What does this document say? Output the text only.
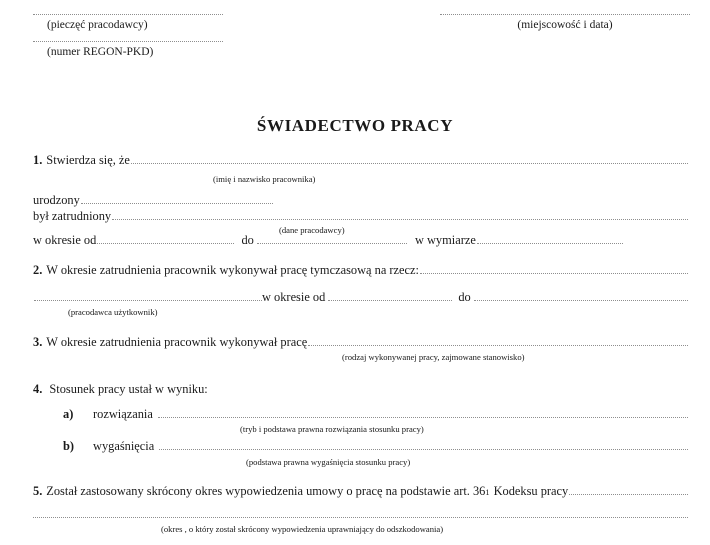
(pieczęć pracodawcy)
(numer REGON-PKD)
(miejscowość i data)
ŚWIADECTWO PRACY
1. Stwierdza się, że
(imię i nazwisko pracownika)
urodzony
był zatrudniony
(dane pracodawcy)
w okresie od	do	w wymiarze
2. W okresie zatrudnienia pracownik wykonywał pracę tymczasową na rzecz:
w okresie od	do
(pracodawca użytkownik)
3. W okresie zatrudnienia pracownik wykonywał pracę
(rodzaj wykonywanej pracy, zajmowane stanowisko)
4. Stosunek pracy ustał w wyniku:
a)	rozwiązania
(tryb i podstawa prawna rozwiązania stosunku pracy)
b)	wygaśnięcia
(podstawa prawna wygaśnięcia stosunku pracy)
5. Został zastosowany skrócony okres wypowiedzenia umowy o pracę na podstawie art. 36 1 Kodeksu pracy
(okres , o który został skrócony wypowiedzenia uprawniający do odszkodowania)
